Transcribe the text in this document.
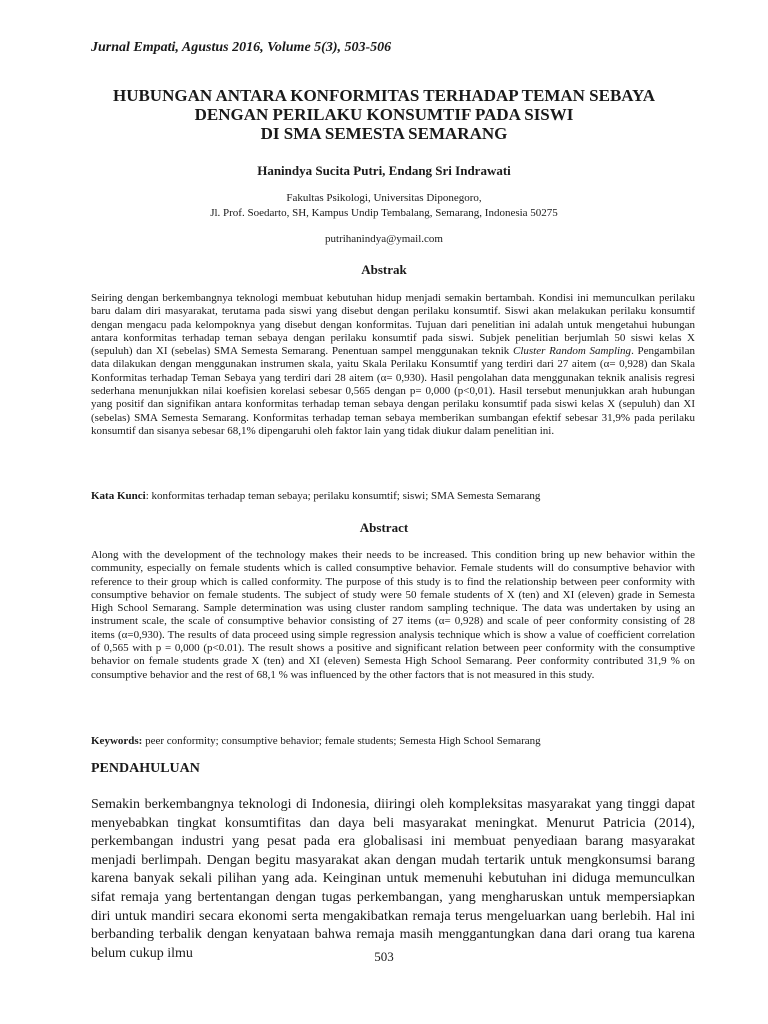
Jurnal Empati, Agustus 2016, Volume 5(3), 503-506
HUBUNGAN ANTARA KONFORMITAS TERHADAP TEMAN SEBAYA
DENGAN PERILAKU KONSUMTIF PADA SISWI
DI SMA SEMESTA SEMARANG
Hanindya Sucita Putri, Endang Sri Indrawati
Fakultas Psikologi, Universitas Diponegoro,
Jl. Prof. Soedarto, SH, Kampus Undip Tembalang, Semarang, Indonesia 50275
putrihanindya@ymail.com
Abstrak
Seiring dengan berkembangnya teknologi membuat kebutuhan hidup menjadi semakin bertambah. Kondisi ini memunculkan perilaku baru dalam diri masyarakat, terutama pada siswi yang disebut dengan perilaku konsumtif. Siswi akan melakukan perilaku konsumtif dengan mengacu pada kelompoknya yang disebut dengan konformitas. Tujuan dari penelitian ini adalah untuk mengetahui hubungan antara konformitas terhadap teman sebaya dengan perilaku konsumtif pada siswi. Subjek penelitian berjumlah 50 siswi kelas X (sepuluh) dan XI (sebelas) SMA Semesta Semarang. Penentuan sampel menggunakan teknik Cluster Random Sampling. Pengambilan data dilakukan dengan menggunakan instrumen skala, yaitu Skala Perilaku Konsumtif yang terdiri dari 27 aitem (α= 0,928) dan Skala Konformitas terhadap Teman Sebaya yang terdiri dari 28 aitem (α= 0,930). Hasil pengolahan data menggunakan teknik analisis regresi sederhana menunjukkan nilai koefisien korelasi sebesar 0,565 dengan p= 0,000 (p<0,01). Hasil tersebut menunjukkan arah hubungan yang positif dan signifikan antara konformitas terhadap teman sebaya dengan perilaku konsumtif pada siswi kelas X (sepuluh) dan XI (sebelas) SMA Semesta Semarang. Konformitas terhadap teman sebaya memberikan sumbangan efektif sebesar 31,9% pada perilaku konsumtif dan sisanya sebesar 68,1% dipengaruhi oleh faktor lain yang tidak diukur dalam penelitian ini.
Kata Kunci: konformitas terhadap teman sebaya; perilaku konsumtif; siswi; SMA Semesta Semarang
Abstract
Along with the development of the technology makes their needs to be increased. This condition bring up new behavior within the community, especially on female students which is called consumptive behavior. Female students will do consumptive behavior with reference to their group which is called conformity. The purpose of this study is to find the relationship between peer conformity with consumptive behavior on female students. The subject of study were 50 female students of X (ten) and XI (eleven) grade in Semesta High School Semarang. Sample determination was using cluster random sampling technique. The data was undertaken by using an instrument scale, the scale of consumptive behavior consisting of 27 items (α= 0,928) and scale of peer conformity consisting of 28 items (α=0,930). The results of data proceed using simple regression analysis technique which is show a value of coefficient correlation of 0,565 with p = 0,000 (p<0.01). The result shows a positive and significant relation between peer conformity with the consumptive behavior on female students grade X (ten) and XI (eleven) Semesta High School Semarang. Peer conformity contributed 31,9 % on consumptive behavior and the rest of 68,1 % was influenced by the other factors that is not measured in this study.
Keywords: peer conformity; consumptive behavior; female students; Semesta High School Semarang
PENDAHULUAN
Semakin berkembangnya teknologi di Indonesia, diiringi oleh kompleksitas masyarakat yang tinggi dapat menyebabkan tingkat konsumtifitas dan daya beli masyarakat meningkat. Menurut Patricia (2014), perkembangan industri yang pesat pada era globalisasi ini membuat penyediaan barang masyarakat menjadi berlimpah. Dengan begitu masyarakat akan dengan mudah tertarik untuk mengkonsumsi barang karena banyak sekali pilihan yang ada. Keinginan untuk memenuhi kebutuhan ini diduga memunculkan sifat remaja yang bertentangan dengan tugas perkembangan, yang mengharuskan untuk mempersiapkan diri untuk mandiri secara ekonomi serta mengakibatkan remaja terus mengeluarkan uang berlebih. Hal ini berbanding terbalik dengan kenyataan bahwa remaja masih menggantungkan dana dari orang tua karena belum cukup ilmu	503
